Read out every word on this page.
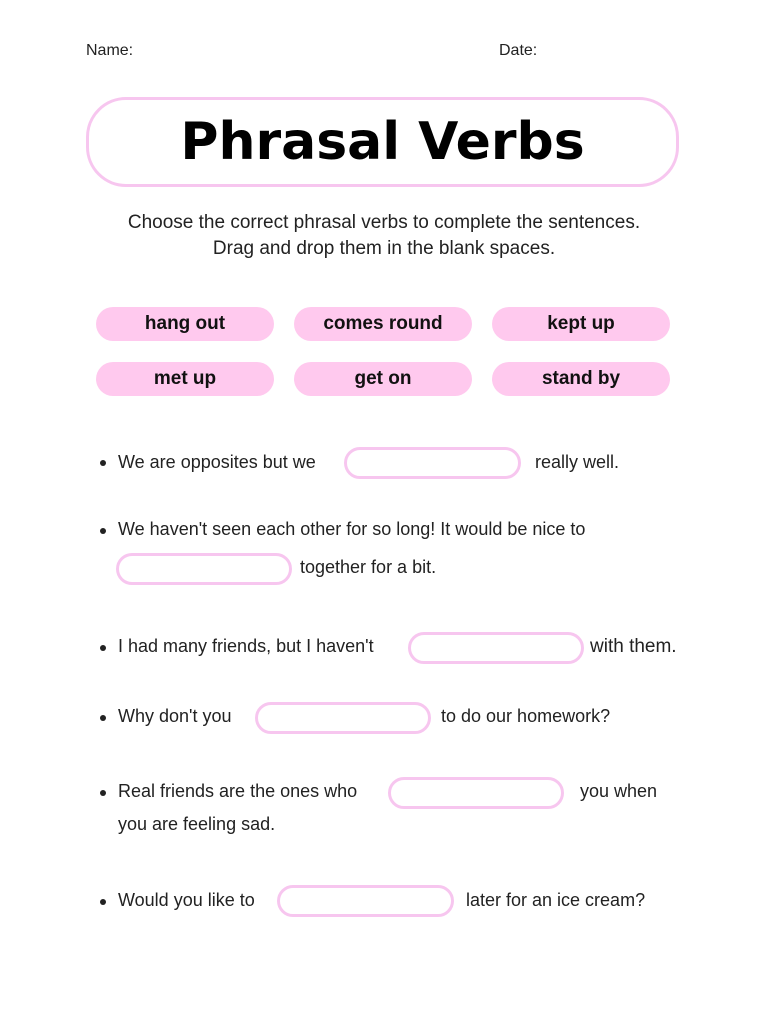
Name:	Date:
Phrasal Verbs
Choose the correct phrasal verbs to complete the sentences.
Drag and drop them in the blank spaces.
hang out	comes round	kept up
met up	get on	stand by
We are opposites but we	really well.
We haven't seen each other for so long! It would be nice to
together for a bit.
I had many friends, but I haven't	with them.
Why don't you	to do our homework?
Real friends are the ones who	you when
you are feeling sad.
Would you like to	later for an ice cream?
